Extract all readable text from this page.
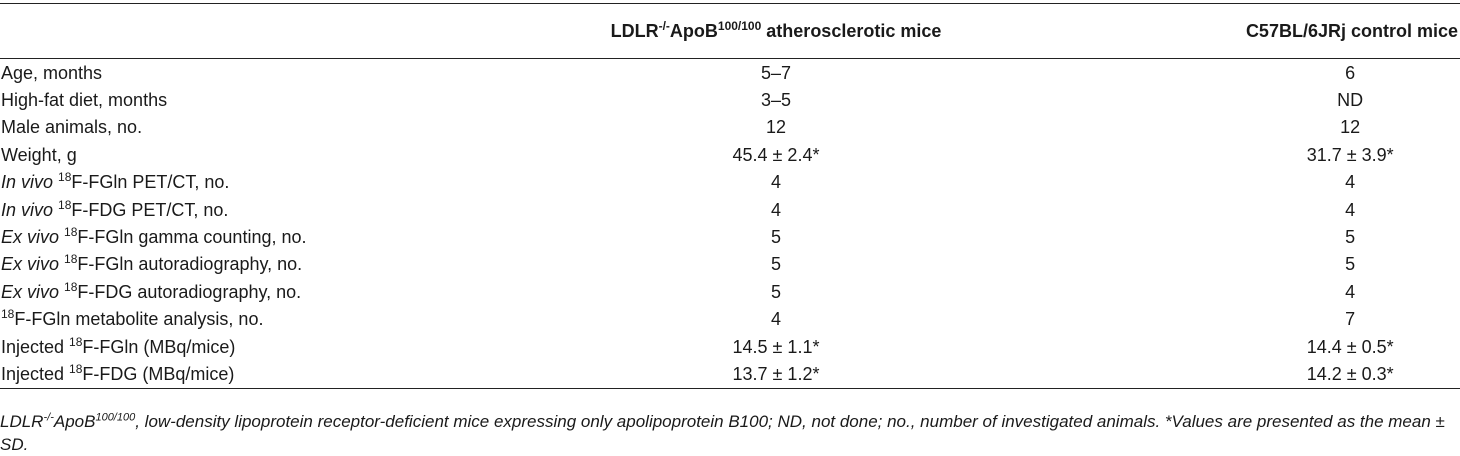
	LDLR-/-ApoB$^{100/100}$ atherosclerotic mice	C57BL/6JRj control mice
Age, months	5–7	6
High-fat diet, months	3–5	ND
Male animals, no.	12	12
Weight, g	45.4 ± 2.4*	31.7 ± 3.9*
In vivo $^{18}$F-FGln PET/CT, no.	4	4
In vivo $^{18}$F-FDG PET/CT, no.	4	4
Ex vivo $^{18}$F-FGln gamma counting, no.	5	5
Ex vivo $^{18}$F-FGln autoradiography, no.	5	5
Ex vivo $^{18}$F-FDG autoradiography, no.	5	4
$^{18}$F-FGln metabolite analysis, no.	4	7
Injected $^{18}$F-FGln (MBq/mice)	14.5 ± 1.1*	14.4 ± 0.5*
Injected $^{18}$F-FDG (MBq/mice)	13.7 ± 1.2*	14.2 ± 0.3*
LDLR-/-ApoB$^{100/100}$, low-density lipoprotein receptor-deficient mice expressing only apolipoprotein B100; ND, not done; no., number of investigated animals. *Values are presented as the mean ± SD.
